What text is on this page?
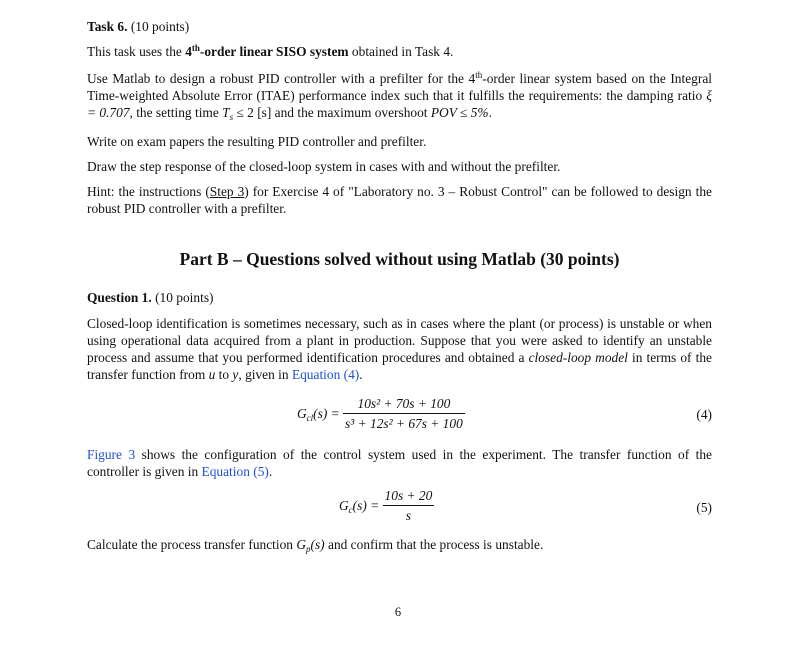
Task 6. (10 points)

This task uses the 4th-order linear SISO system obtained in Task 4.

Use Matlab to design a robust PID controller with a prefilter for the 4th-order linear system based on the Integral Time-weighted Absolute Error (ITAE) performance index such that it fulfills the requirements: the damping ratio ξ = 0.707, the setting time $T_s \le 2$ [s] and the maximum overshoot POV ≤ 5%.

Write on exam papers the resulting PID controller and prefilter.

Draw the step response of the closed-loop system in cases with and without the prefilter.

Hint: the instructions (Step 3) for Exercise 4 of "Laboratory no. 3 – Robust Control" can be followed to design the robust PID controller with a prefilter.

Part B – Questions solved without using Matlab (30 points)

Question 1. (10 points)

Closed-loop identification is sometimes necessary, such as in cases where the plant (or process) is unstable or when using operational data acquired from a plant in production. Suppose that you were asked to identify an unstable process and assume that you performed identification procedures and obtained a closed-loop model in terms of the transfer function from u to y, given in Equation (4).

$G_{cl}(s) = \frac{\text{10s² + 70s + 100}}{\text{s³ + 12s² + 67s + 100}}$	(4)

Figure 3 shows the configuration of the control system used in the experiment. The transfer function of the controller is given in Equation (5).

$G_c(s) = \frac{10s + 20}{s}$	(5)

Calculate the process transfer function $G_p(s)$ and confirm that the process is unstable.

6
